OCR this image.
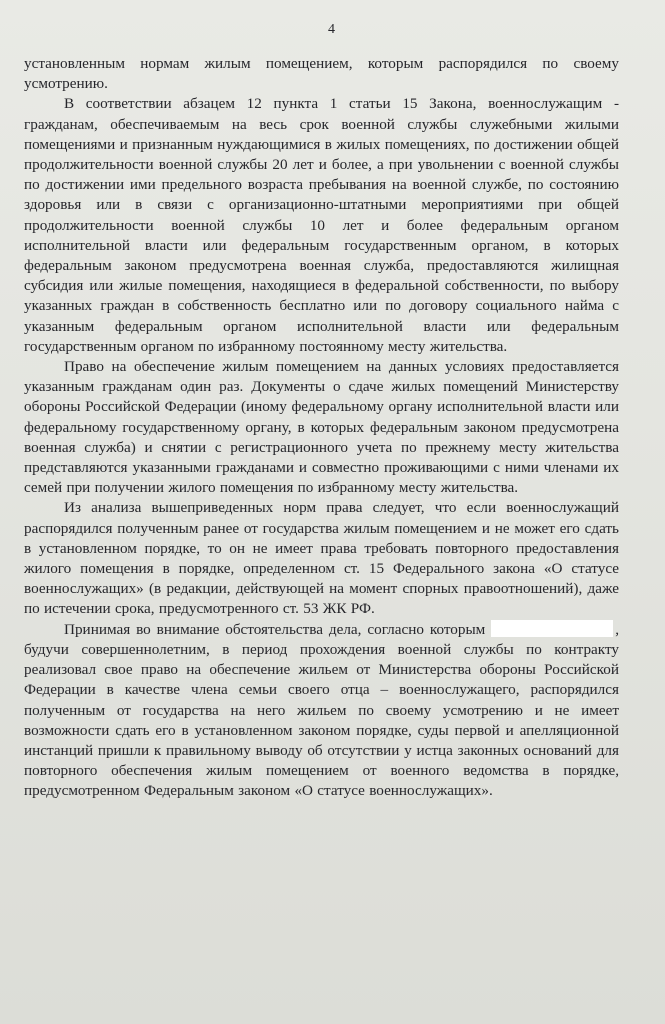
4

установленным нормам жилым помещением, которым распорядился по своему усмотрению.

В соответствии абзацем 12 пункта 1 статьи 15 Закона, военнослужащим - гражданам, обеспечиваемым на весь срок военной службы служебными жилыми помещениями и признанным нуждающимися в жилых помещениях, по достижении общей продолжительности военной службы 20 лет и более, а при увольнении с военной службы по достижении ими предельного возраста пребывания на военной службе, по состоянию здоровья или в связи с организационно-штатными мероприятиями при общей продолжительности военной службы 10 лет и более федеральным органом исполнительной власти или федеральным государственным органом, в которых федеральным законом предусмотрена военная служба, предоставляются жилищная субсидия или жилые помещения, находящиеся в федеральной собственности, по выбору указанных граждан в собственность бесплатно или по договору социального найма с указанным федеральным органом исполнительной власти или федеральным государственным органом по избранному постоянному месту жительства.

Право на обеспечение жилым помещением на данных условиях предоставляется указанным гражданам один раз. Документы о сдаче жилых помещений Министерству обороны Российской Федерации (иному федеральному органу исполнительной власти или федеральному государственному органу, в которых федеральным законом предусмотрена военная служба) и снятии с регистрационного учета по прежнему месту жительства представляются указанными гражданами и совместно проживающими с ними членами их семей при получении жилого помещения по избранному месту жительства.

Из анализа вышеприведенных норм права следует, что если военнослужащий распорядился полученным ранее от государства жилым помещением и не может его сдать в установленном порядке, то он не имеет права требовать повторного предоставления жилого помещения в порядке, определенном ст. 15 Федерального закона «О статусе военнослужащих» (в редакции, действующей на момент спорных правоотношений), даже по истечении срока, предусмотренного ст. 53 ЖК РФ.

Принимая во внимание обстоятельства дела, согласно которым	, будучи совершеннолетним, в период прохождения военной службы по контракту реализовал свое право на обеспечение жильем от Министерства обороны Российской Федерации в качестве члена семьи своего отца – военнослужащего, распорядился полученным от государства на него жильем по своему усмотрению и не имеет возможности сдать его в установленном законом порядке, суды первой и апелляционной инстанций пришли к правильному выводу об отсутствии у истца законных оснований для повторного обеспечения жилым помещением от военного ведомства в порядке, предусмотренном Федеральным законом «О статусе военнослужащих».
